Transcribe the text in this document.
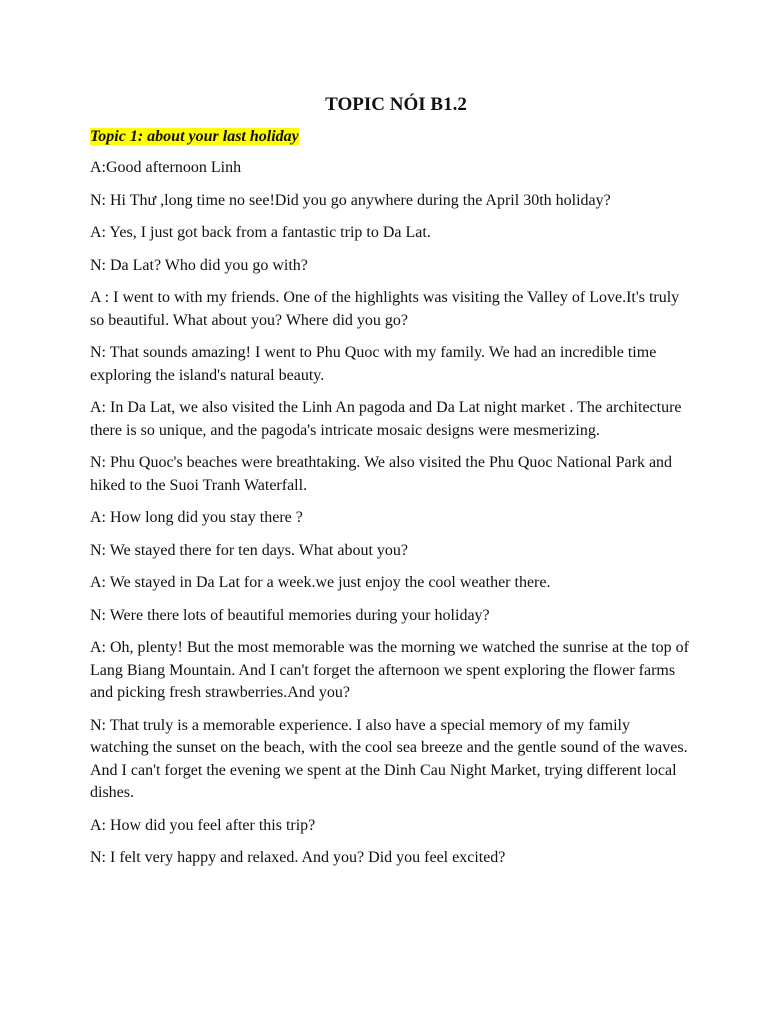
TOPIC NÓI B1.2
Topic 1: about your last holiday

A:Good afternoon Linh

N: Hi Thư ,long time no see!Did you go anywhere during the April 30th holiday?

A: Yes, I just got back from a fantastic trip to Da Lat.

N: Da Lat? Who did you go with?

A : I went to with my friends. One of the highlights was visiting the Valley of Love.It's truly so beautiful. What about you? Where did you go?

N: That sounds amazing! I went to Phu Quoc with my family. We had an incredible time exploring the island's natural beauty.

A: In Da Lat, we also visited the Linh An pagoda and Da Lat night market . The architecture there is so unique, and the pagoda's intricate mosaic designs were mesmerizing.

N: Phu Quoc's beaches were breathtaking. We also visited the Phu Quoc National Park and hiked to the Suoi Tranh Waterfall.

A: How long did you stay there ?

N: We stayed there for ten days. What about you?

A: We stayed in Da Lat for a week.we just enjoy the cool weather there.

N: Were there lots of beautiful memories during your holiday?

A: Oh, plenty! But the most memorable was the morning we watched the sunrise at the top of Lang Biang Mountain. And I can't forget the afternoon we spent exploring the flower farms and picking fresh strawberries.And you?

N: That truly is a memorable experience. I also have a special memory of my family watching the sunset on the beach, with the cool sea breeze and the gentle sound of the waves. And I can't forget the evening we spent at the Dinh Cau Night Market, trying different local dishes.

A: How did you feel after this trip?

N: I felt very happy and relaxed. And you? Did you feel excited?
